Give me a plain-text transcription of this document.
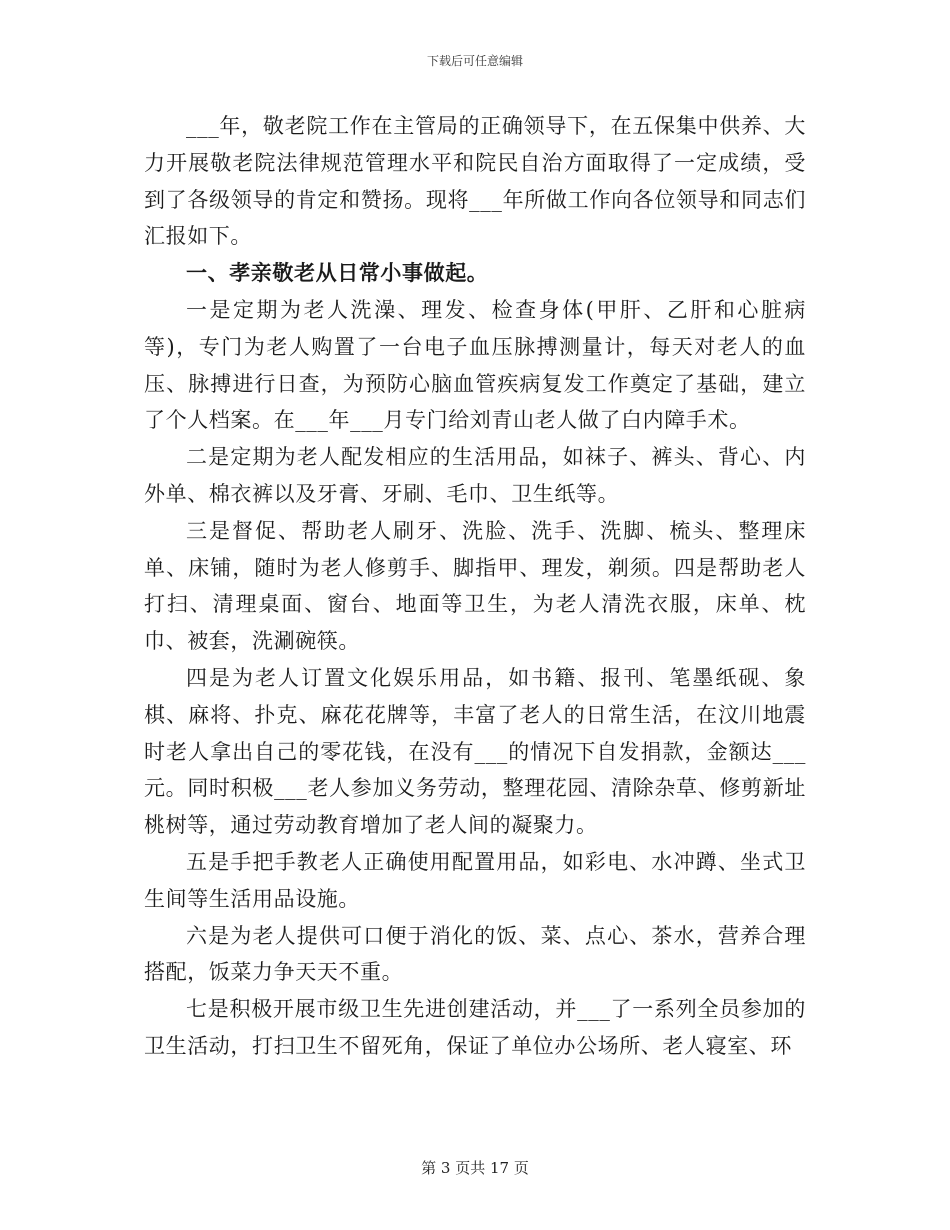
下载后可任意编辑

___年，敬老院工作在主管局的正确领导下，在五保集中供养、大力开展敬老院法律规范管理水平和院民自治方面取得了一定成绩，受到了各级领导的肯定和赞扬。现将___年所做工作向各位领导和同志们汇报如下。

一、孝亲敬老从日常小事做起。

一是定期为老人洗澡、理发、检查身体(甲肝、乙肝和心脏病等)，专门为老人购置了一台电子血压脉搏测量计，每天对老人的血压、脉搏进行日查，为预防心脑血管疾病复发工作奠定了基础，建立了个人档案。在___年___月专门给刘青山老人做了白内障手术。

二是定期为老人配发相应的生活用品，如袜子、裤头、背心、内外单、棉衣裤以及牙膏、牙刷、毛巾、卫生纸等。

三是督促、帮助老人刷牙、洗脸、洗手、洗脚、梳头、整理床单、床铺，随时为老人修剪手、脚指甲、理发，剃须。四是帮助老人打扫、清理桌面、窗台、地面等卫生，为老人清洗衣服，床单、枕巾、被套，洗涮碗筷。

四是为老人订置文化娱乐用品，如书籍、报刊、笔墨纸砚、象棋、麻将、扑克、麻花花牌等，丰富了老人的日常生活，在汶川地震时老人拿出自己的零花钱，在没有___的情况下自发捐款，金额达___元。同时积极___老人参加义务劳动，整理花园、清除杂草、修剪新址桃树等，通过劳动教育增加了老人间的凝聚力。

五是手把手教老人正确使用配置用品，如彩电、水冲蹲、坐式卫生间等生活用品设施。

六是为老人提供可口便于消化的饭、菜、点心、茶水，营养合理搭配，饭菜力争天天不重。

七是积极开展市级卫生先进创建活动，并___了一系列全员参加的卫生活动，打扫卫生不留死角，保证了单位办公场所、老人寝室、环

第 3 页共 17 页
